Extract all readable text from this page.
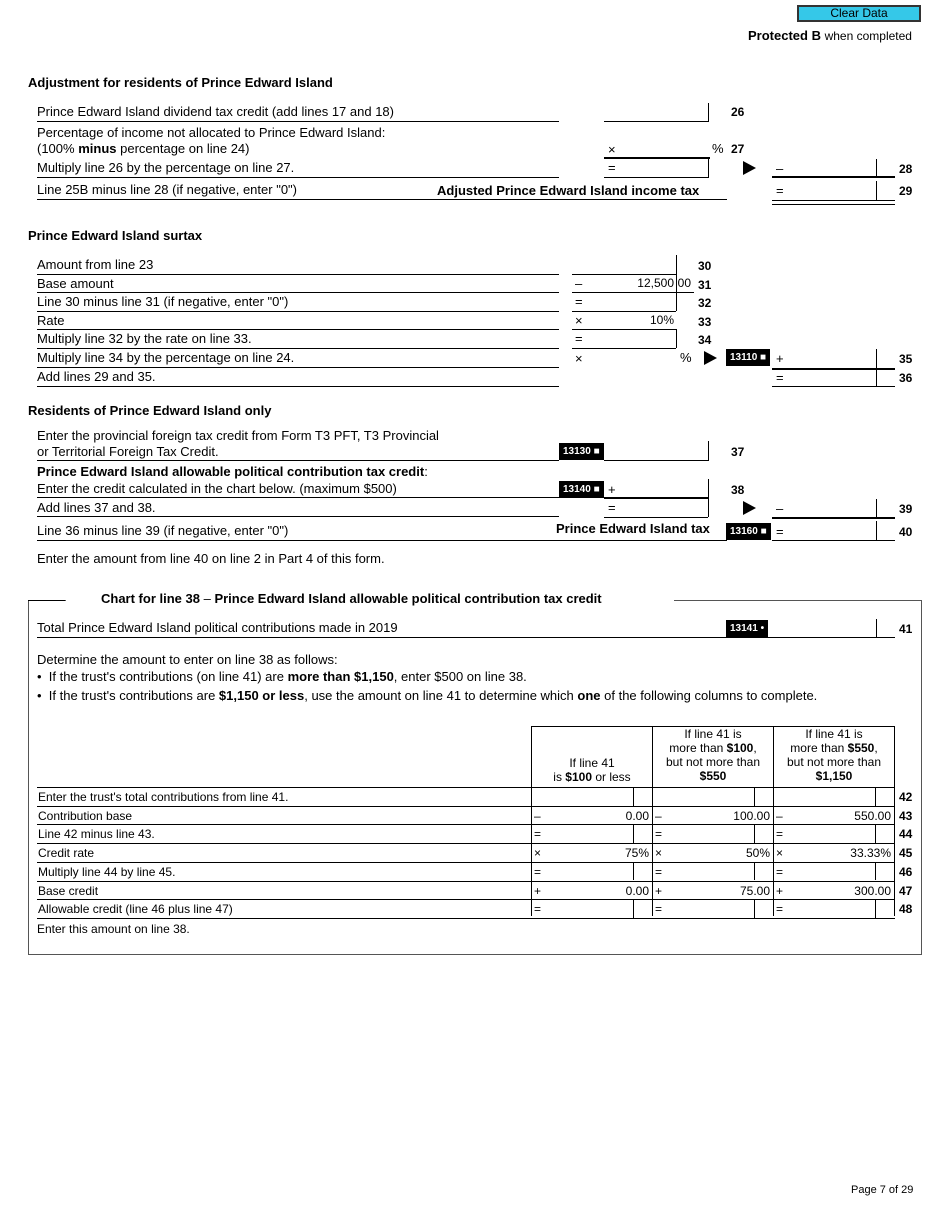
Clear Data
Protected B when completed
Adjustment for residents of Prince Edward Island
Prince Edward Island dividend tax credit (add lines 17 and 18)	26
Percentage of income not allocated to Prince Edward Island:
(100% minus percentage on line 24)	×	% 27
Multiply line 26 by the percentage on line 27.	=	–	28
Line 25B minus line 28 (if negative, enter "0")	Adjusted Prince Edward Island income tax	=	29
Prince Edward Island surtax
Amount from line 23	30
Base amount	–	12,500 00 31
Line 30 minus line 31 (if negative, enter "0")	=	32
Rate	×	10% 33
Multiply line 32 by the rate on line 33.	=	34
Multiply line 34 by the percentage on line 24.	×	%	13110 ■ +	35
Add lines 29 and 35.	=	36
Residents of Prince Edward Island only
Enter the provincial foreign tax credit from Form T3 PFT, T3 Provincial
or Territorial Foreign Tax Credit.	13130 ■	37
Prince Edward Island allowable political contribution tax credit:
Enter the credit calculated in the chart below. (maximum $500)	13140 ■ +	38
Add lines 37 and 38.	=	–	39
Line 36 minus line 39 (if negative, enter "0")	Prince Edward Island tax	13160 ■ =	40
Enter the amount from line 40 on line 2 in Part 4 of this form.
Chart for line 38 – Prince Edward Island allowable political contribution tax credit
Total Prince Edward Island political contributions made in 2019	13141 •	41
Determine the amount to enter on line 38 as follows:
• If the trust's contributions (on line 41) are more than $1,150, enter $500 on line 38.
• If the trust's contributions are $1,150 or less, use the amount on line 41 to determine which one of the following columns to complete.
If line 41
is $100 or less
If line 41 is
more than $100,
but not more than
$550
If line 41 is
more than $550,
but not more than
$1,150
Enter the trust's total contributions from line 41.	42
Contribution base	–	0.00 –	100.00 –	550.00 43
Line 42 minus line 43.	=	=	=	44
Credit rate	×	75% ×	50% ×	33.33% 45
Multiply line 44 by line 45.	=	=	=	46
Base credit	+	0.00 +	75.00 +	300.00 47
Allowable credit (line 46 plus line 47)	=	=	=	48
Enter this amount on line 38.
Page 7 of 29
